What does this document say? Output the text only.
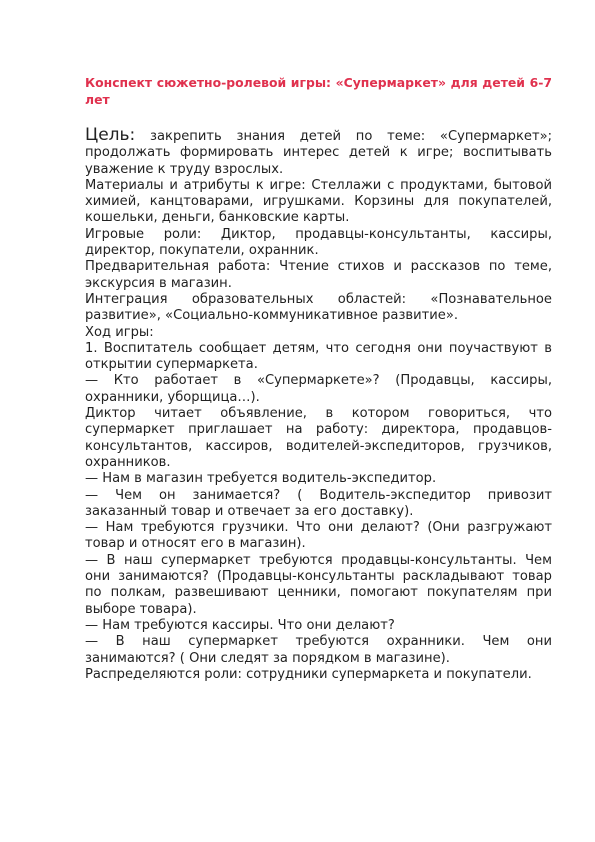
Конспект сюжетно-ролевой игры: «Супермаркет» для детей 6-7 лет

Цель: закрепить знания детей по теме: «Супермаркет»; продолжать формировать интерес детей к игре; воспитывать уважение к труду взрослых.

Материалы и атрибуты к игре: Стеллажи с продуктами, бытовой химией, канцтоварами, игрушками. Корзины для покупателей, кошельки, деньги, банковские карты.

Игровые роли: Диктор, продавцы-консультанты, кассиры, директор, покупатели, охранник.

Предварительная работа: Чтение стихов и рассказов по теме, экскурсия в магазин.

Интеграция образовательных областей: «Познавательное развитие», «Социально-коммуникативное развитие».

Ход игры:

1. Воспитатель сообщает детям, что сегодня они поучаствуют в открытии супермаркета.

— Кто работает в «Супермаркете»? (Продавцы, кассиры, охранники, уборщица…).

Диктор читает объявление, в котором говориться, что супермаркет приглашает на работу: директора, продавцов-консультантов, кассиров, водителей-экспедиторов, грузчиков, охранников.

— Нам в магазин требуется водитель-экспедитор.

— Чем он занимается? ( Водитель-экспедитор привозит заказанный товар и отвечает за его доставку).

— Нам требуются грузчики. Что они делают? (Они разгружают товар и относят его в магазин).

— В наш супермаркет требуются продавцы-консультанты. Чем они занимаются? (Продавцы-консультанты раскладывают товар по полкам, развешивают ценники, помогают покупателям при выборе товара).

— Нам требуются кассиры. Что они делают?

— В наш супермаркет требуются охранники. Чем они занимаются? ( Они следят за порядком в магазине).

Распределяются роли: сотрудники супермаркета и покупатели.
